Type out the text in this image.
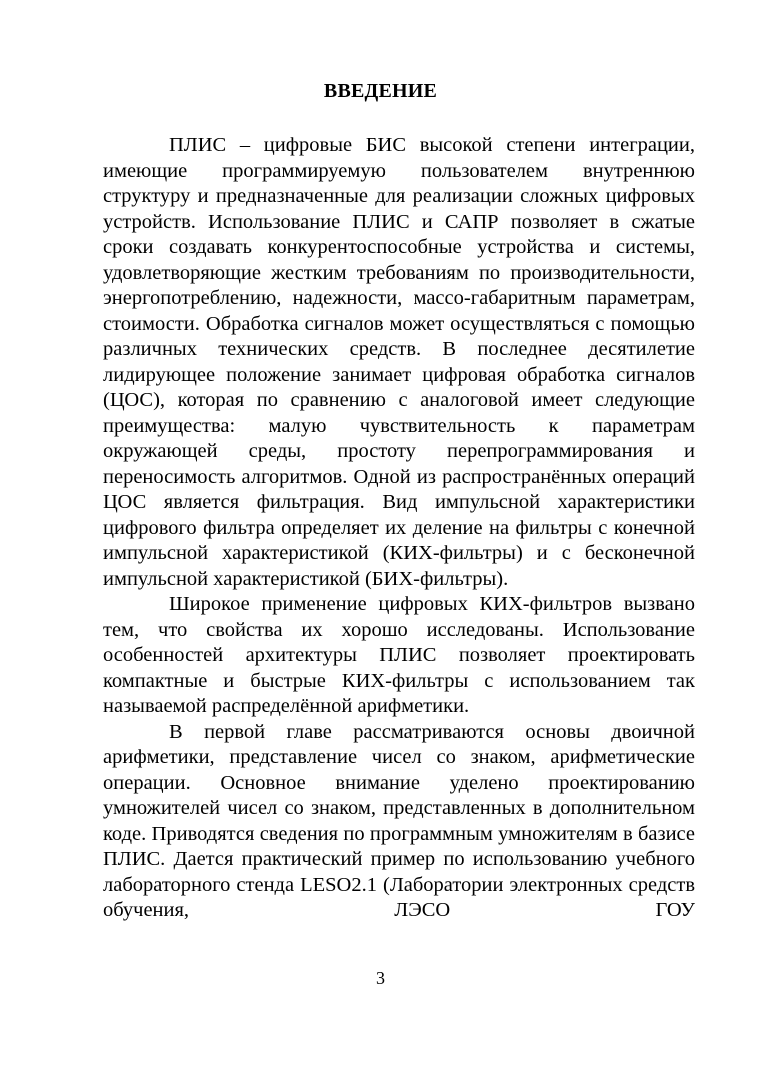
ВВЕДЕНИЕ

ПЛИС – цифровые БИС высокой степени интеграции, имеющие программируемую пользователем внутреннюю структуру и предназначенные для реализации сложных цифровых устройств. Использование ПЛИС и САПР позволяет в сжатые сроки создавать конкурентоспособные устройства и системы, удовлетворяющие жестким требованиям по производительности, энергопотреблению, надежности, массо-габаритным параметрам, стоимости. Обработка сигналов может осуществляться с помощью различных технических средств. В последнее десятилетие лидирующее положение занимает цифровая обработка сигналов (ЦОС), которая по сравнению с аналоговой имеет следующие преимущества: малую чувствительность к параметрам окружающей среды, простоту перепрограммирования и переносимость алгоритмов. Одной из распространённых операций ЦОС является фильтрация. Вид импульсной характеристики цифрового фильтра определяет их деление на фильтры с конечной импульсной характеристикой (КИХ-фильтры) и с бесконечной импульсной характеристикой (БИХ-фильтры).

Широкое применение цифровых КИХ-фильтров вызвано тем, что свойства их хорошо исследованы. Использование особенностей архитектуры ПЛИС позволяет проектировать компактные и быстрые КИХ-фильтры с использованием так называемой распределённой арифметики.

В первой главе рассматриваются основы двоичной арифметики, представление чисел со знаком, арифметические операции. Основное внимание уделено проектированию умножителей чисел со знаком, представленных в дополнительном коде. Приводятся сведения по программным умножителям в базисе ПЛИС. Дается практический пример по использованию учебного лабораторного стенда LESO2.1 (Лаборатории электронных средств обучения, ЛЭСО ГОУ

3
